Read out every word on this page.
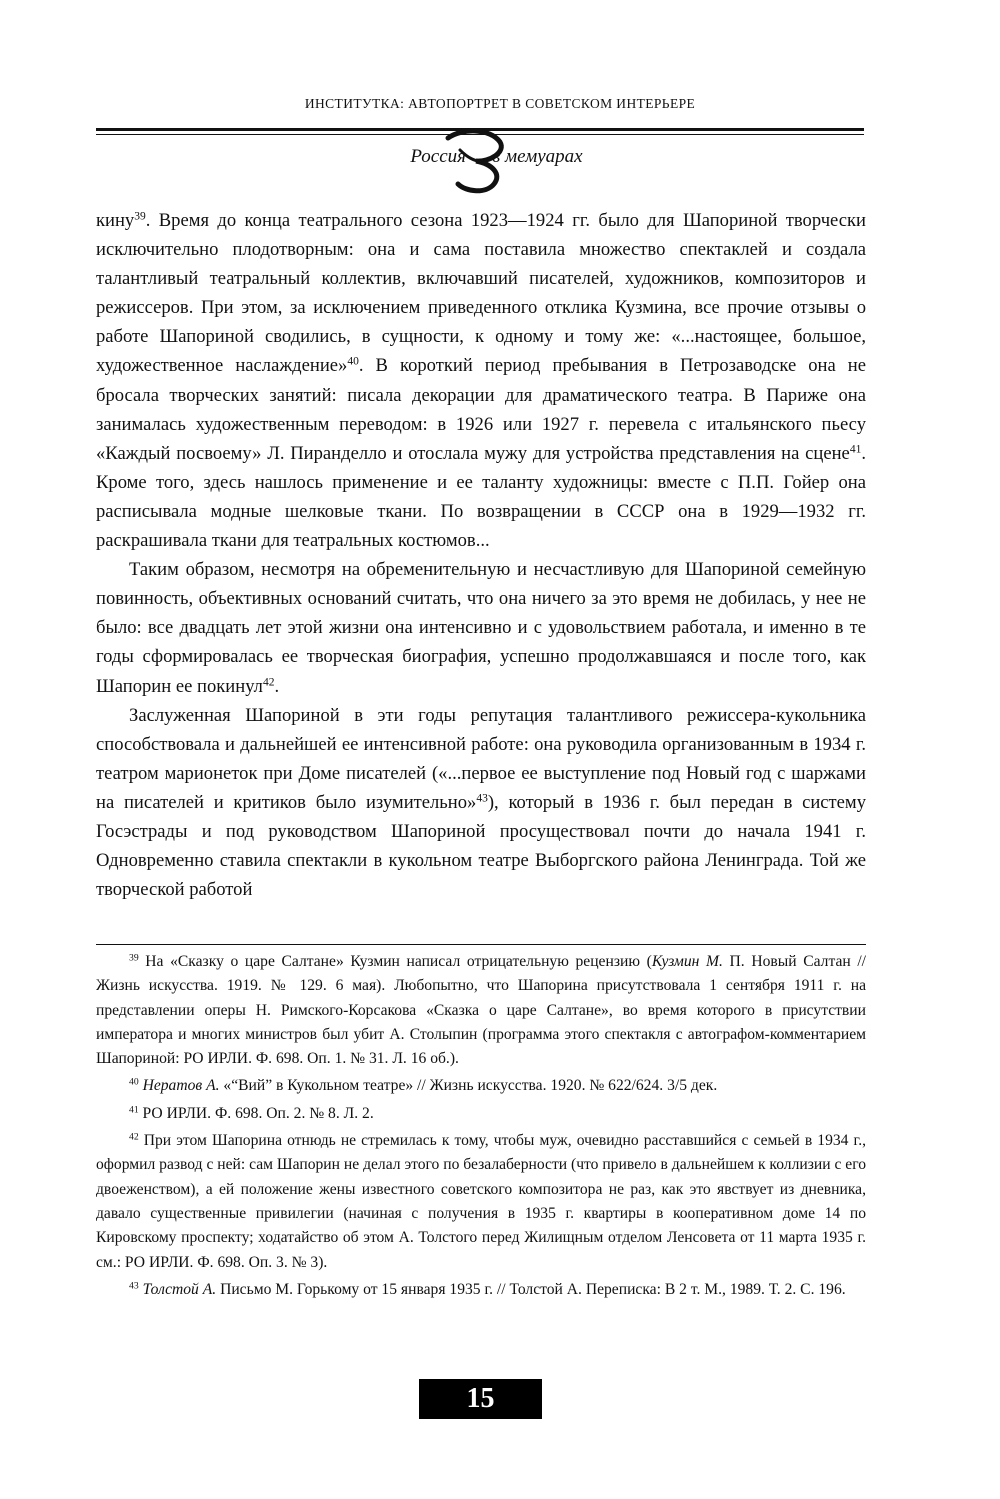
ИНСТИТУТКА: АВТОПОРТРЕТ В СОВЕТСКОМ ИНТЕРЬЕРЕ
Россия в мемуарах

кину$^{39}$. Время до конца театрального сезона 1923—1924 гг. было для Шапориной творчески исключительно плодотворным: она и сама поставила множество спектаклей и создала талантливый театральный коллектив, включавший писателей, художников, композиторов и режиссеров. При этом, за исключением приведенного отклика Кузмина, все прочие отзывы о работе Шапориной сводились, в сущности, к одному и тому же: «...настоящее, большое, художественное наслаждение»$^{40}$. В короткий период пребывания в Петрозаводске она не бросала творческих занятий: писала декорации для драматического театра. В Париже она занималась художественным переводом: в 1926 или 1927 г. перевела с итальянского пьесу «Каждый посвоему» Л. Пиранделло и отослала мужу для устройства представления на сцене$^{41}$. Кроме того, здесь нашлось применение и ее таланту художницы: вместе с П.П. Гойер она расписывала модные шелковые ткани. По возвращении в СССР она в 1929—1932 гг. раскрашивала ткани для театральных костюмов...

Таким образом, несмотря на обременительную и несчастливую для Шапориной семейную повинность, объективных оснований считать, что она ничего за это время не добилась, у нее не было: все двадцать лет этой жизни она интенсивно и с удовольствием работала, и именно в те годы сформировалась ее творческая биография, успешно продолжавшаяся и после того, как Шапорин ее покинул$^{42}$.

Заслуженная Шапориной в эти годы репутация талантливого режиссера-кукольника способствовала и дальнейшей ее интенсивной работе: она руководила организованным в 1934 г. театром марионеток при Доме писателей («...первое ее выступление под Новый год с шаржами на писателей и критиков было изумительно»$^{43}$), который в 1936 г. был передан в систему Госэстрады и под руководством Шапориной просуществовал почти до начала 1941 г. Одновременно ставила спектакли в кукольном театре Выборгского района Ленинграда. Той же творческой работой

$^{39}$ На «Сказку о царе Салтане» Кузмин написал отрицательную рецензию (Кузмин М. П. Новый Салтан // Жизнь искусства. 1919. № 129. 6 мая). Любопытно, что Шапорина присутствовала 1 сентября 1911 г. на представлении оперы Н. Римского-Корсакова «Сказка о царе Салтане», во время которого в присутствии императора и многих министров был убит А. Столыпин (программа этого спектакля с автографом-комментарием Шапориной: РО ИРЛИ. Ф. 698. Оп. 1. № 31. Л. 16 об.).

$^{40}$ Нератов А. «“Вий” в Кукольном театре» // Жизнь искусства. 1920. № 622/624. 3/5 дек.

$^{41}$ РО ИРЛИ. Ф. 698. Оп. 2. № 8. Л. 2.

$^{42}$ При этом Шапорина отнюдь не стремилась к тому, чтобы муж, очевидно расставшийся с семьей в 1934 г., оформил развод с ней: сам Шапорин не делал этого по безалаберности (что привело в дальнейшем к коллизии с его двоеженством), а ей положение жены известного советского композитора не раз, как это явствует из дневника, давало существенные привилегии (начиная с получения в 1935 г. квартиры в кооперативном доме 14 по Кировскому проспекту; ходатайство об этом А. Толстого перед Жилищным отделом Ленсовета от 11 марта 1935 г. см.: РО ИРЛИ. Ф. 698. Оп. 3. № 3).

$^{43}$ Толстой А. Письмо М. Горькому от 15 января 1935 г. // Толстой А. Переписка: В 2 т. М., 1989. Т. 2. С. 196.

15
